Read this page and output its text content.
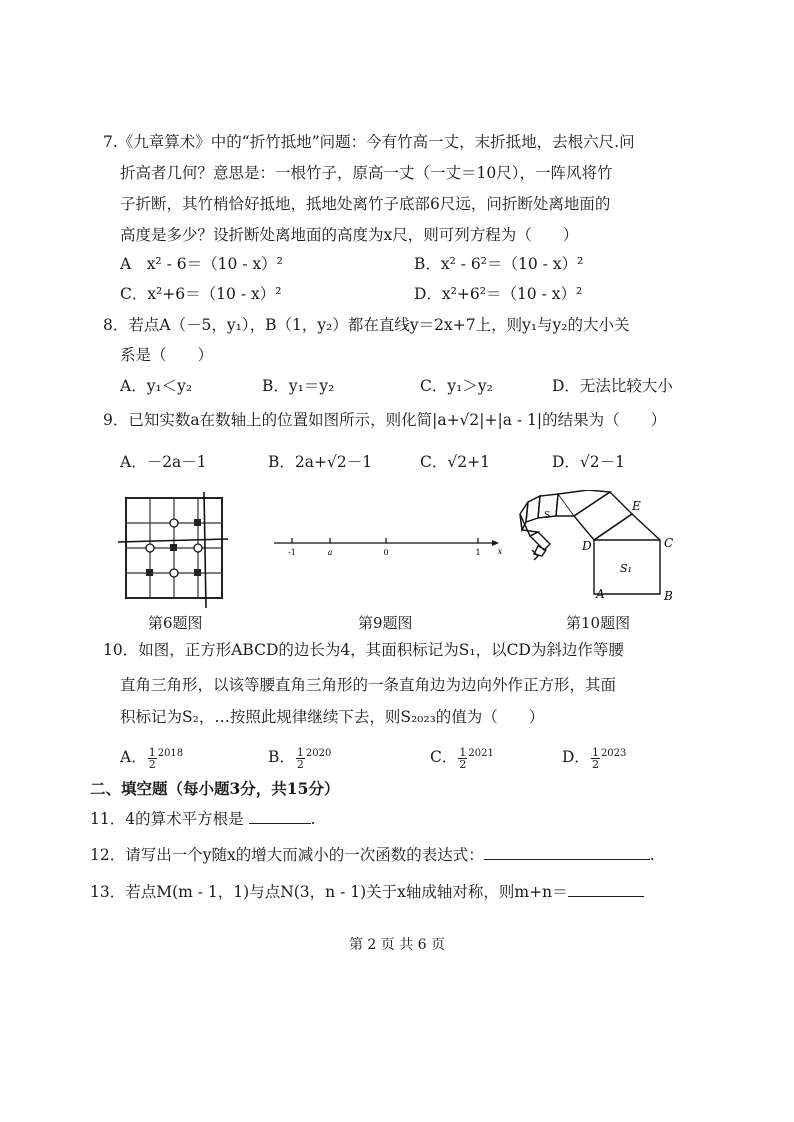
7.《九章算术》中的“折竹抵地”问题：今有竹高一丈，末折抵地，去根六尺.问
折高者几何？意思是：一根竹子，原高一丈（一丈＝10尺），一阵风将竹
子折断，其竹梢恰好抵地，抵地处离竹子底部6尺远，问折断处离地面的
高度是多少？设折断处离地面的高度为x尺，则可列方程为（　　）
A　x² - 6＝（10 - x）²	B．x² - 6²＝（10 - x）²
C．x²+6＝（10 - x）²	D．x²+6²＝（10 - x）²
8．若点A（－5，y₁），B（1，y₂）都在直线y＝2x+7上，则y₁与y₂的大小关
系是（　　）
A．y₁＜y₂	B．y₁＝y₂	C．y₁＞y₂	D．无法比较大小
9．已知实数a在数轴上的位置如图所示，则化简|a+√2|+|a - 1|的结果为（　　）
A．－2a－1	B．2a+√2－1	C．√2+1	D．√2－1
-1	a	0	1 x
S
E
D	C
A	B
S₁
第6题图	第9题图	第10题图
10．如图，正方形ABCD的边长为4，其面积标记为S₁，以CD为斜边作等腰
直角三角形，以该等腰直角三角形的一条直角边为边向外作正方形，其面
积标记为S₂，…按照此规律继续下去，则S₂₀₂₃的值为（　　）
A． $\frac{1}{2} ^{2018}$	B． $\frac{1}{2} ^{2020}$	C． $\frac{1}{2} ^{2021}$	D． $\frac{1}{2} ^{2023}$
二、填空题（每小题3分，共15分）
11．4的算术平方根是	.
12．请写出一个y随x的增大而减小的一次函数的表达式：	.
13．若点M(m - 1，1)与点N(3，n - 1)关于x轴成轴对称，则m+n＝
第 2 页 共 6 页
